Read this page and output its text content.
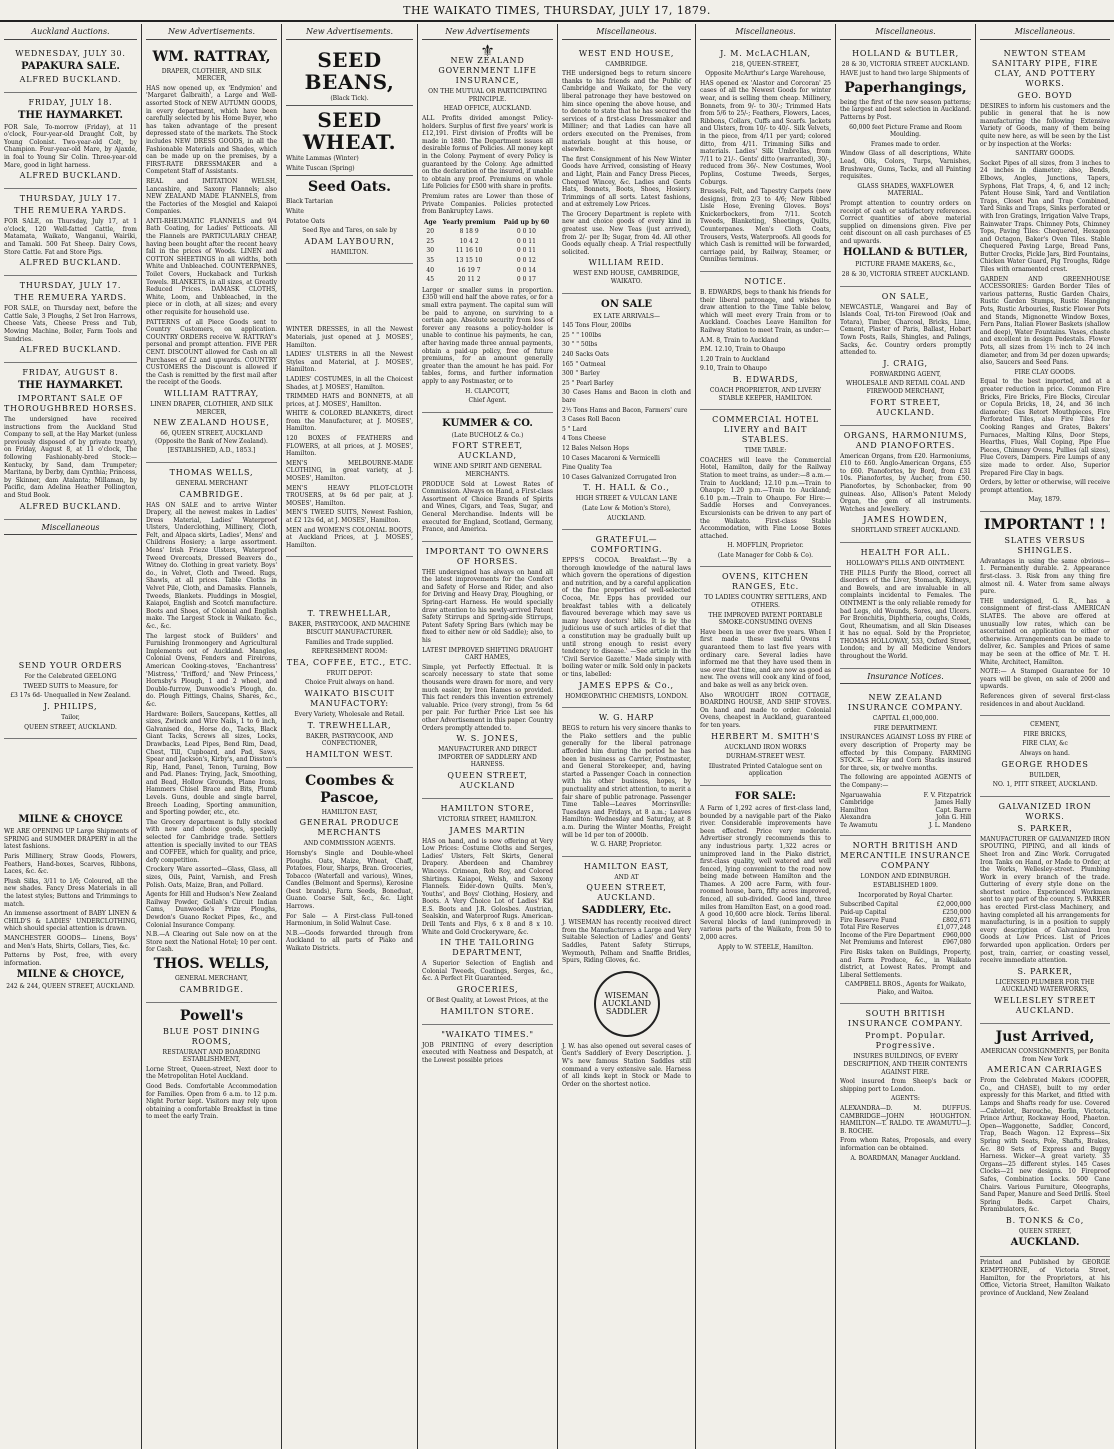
THE WAIKATO TIMES, THURSDAY, JULY 17, 1879.
Auckland Auctions.
WEDNESDAY, JULY 30.
PAPAKURA SALE.
ALFRED BUCKLAND.
FRIDAY, JULY 18.
THE HAYMARKET.
FOR Sale, To-morrow (Friday), at 11 o'clock, Four-year-old Draught Colt, by Young Colonist. Two-year-old Colt, by Champion. Four-year-old Mare, by Ajaxde, in foal to Young Sir Colin. Three-year-old Mare, good in light harness.
ALFRED BUCKLAND.
THURSDAY, JULY 17.
THE REMUERA YARDS.
FOR SALE, on Thursday, July 17, at 1 o'clock, 120 Well-fatted Cattle, from Matamata, Waikato, Wanganui, Wairiki, and Tamaki. 500 Fat Sheep. Dairy Cows, Store Cattle. Fat and Store Pigs.
ALFRED BUCKLAND.
THURSDAY, JULY 17.
THE REMUERA YARDS.
FOR SALE, on Thursday next, before the Cattle Sale, 3 Ploughs, 2 Set Iron Harrows, Cheese Vats, Cheese Press and Tub, Mowing Machine, Boiler, Farm Tools and Sundries.
ALFRED BUCKLAND.
FRIDAY, AUGUST 8.
THE HAYMARKET.
IMPORTANT SALE OF THOROUGHBRED HORSES.
The undersigned have received instructions from the Auckland Stud Company to sell, at the Hay Market (unless previously disposed of by private treaty), on Friday, August 8, at 11 o'clock, The following Fashionably-bred Stock:— Kentucky, by Sand, dam Trumpeter; Maritana, by Derby, dam Cynthia; Princess, by Skinner, dam Atalanta; Millaman, by Pacific, dam Adelina Heather Pollington, and Stud Book.
ALFRED BUCKLAND.
Miscellaneous
SEND YOUR ORDERS
For the Celebrated GEELONG
TWEED SUITS to Measure, for
£3 17s 6d- Unequalled in New Zealand.
J. PHILIPS,
Tailor,
QUEEN STREET, AUCKLAND.
MILNE & CHOYCE
WE ARE OPENING UP Large Shipments of SPRING and SUMMER DRAPERY in all the latest fashions.
Paris Millinery, Straw Goods, Flowers, Feathers, Hand-boxes, Scarves, Ribbons, Laces, &c. &c.
Plush Silks, 3/11 to 1/6; Coloured, all the new shades. Fancy Dress Materials in all the latest styles; Buttons and Trimmings to match.
An immense assortment of BABY LINEN & CHILD'S & LADIES' UNDERCLOTHING, which should special attention is drawn.
MANCHESTER GOODS— Linens, Boys' and Men's Hats, Shirts, Collars, Ties, &c.
Patterns by Post, free, with every information.
MILNE & CHOYCE,
242 & 244, QUEEN STREET, AUCKLAND.
New Advertisements.
WM. RATTRAY,
DRAPER, CLOTHIER, AND SILK MERCER,
HAS now opened up, ex 'Endymion' and 'Margaret Galbraith', a Large and Well-assorted Stock of NEW AUTUMN GOODS, in every department, which have been carefully selected by his Home Buyer, who has taken advantage of the present depressed state of the markets. The Stock includes NEW DRESS GOODS, in all the Fashionable Materials and Shades, which can be made up on the premises, by a FIRST-RATE DRESSMAKER and a Competent Staff of Assistants.
REAL and IMITATION WELSH, Lancashire, and Saxony Flannels; also NEW ZEALAND MADE FLANNELS, from the Factories of the Mosgiel and Kaiapoi Companies.
ANTI-RHEUMATIC FLANNELS and 9/4 Bath Coating, for Ladies' Petticoats. All the Flannels are PARTICULARLY CHEAP, having been bought after the recent heavy fall in the prices of Woods. LINEN and COTTON SHEETINGS in all widths, both White and Unbleached. COUNTERPANES, Toilet Covers, Huckaback and Turkish Towels. BLANKETS, in all sizes, at Greatly Reduced Prices. DAMASK CLOTHS, White, Loom, and Unbleached, in the piece or in cloth, at all sizes; and every other requisite for household use.
PATTERNS of all Piece Goods sent to Country Customers, on application. COUNTRY ORDERS receive W. RATTRAY's personal and prompt attention. FIVE PER CENT. DISCOUNT allowed for Cash on all Purchases of £2 and upwards. COUNTRY CUSTOMERS the Discount is allowed if the Cash is remitted by the first mail after the receipt of the Goods.
WILLIAM RATTRAY,
LINEN DRAPER, CLOTHIER, AND SILK MERCER,
NEW ZEALAND HOUSE,
66, QUEEN STREET, AUCKLAND (Opposite the Bank of New Zealand).
[ESTABLISHED, A.D., 1853.]
THOMAS WELLS,
GENERAL MERCHANT
CAMBRIDGE.
HAS ON SALE and to arrive Winter Drapery, all the newest makes in Ladies' Dress Material, Ladies' Waterproof Ulsters, Underclothing, Millinery, Cloth, Felt, and Alpaca skirts, Ladies', Mens' and Childrens Hosiery; a large assortment. Mens' Irish Frieze Ulsters, Waterproof Tweed Overcoats, Dressed Beavers do., Witney do. Clothing in great variety. Boys' do., in Velvet, Cloth and Tweed. Rugs, Shawls, at all prices. Table Cloths in Velvet Pile, Cloth, and Damasks. Flannels, Tweeds, Blankets. Pluddings in Mosgiel, Kaiapoi, English and Scotch manufacture. Boots and Shoes, of Colonial and English make. The Largest Stock in Waikato. &c., &c., &c.
The largest stock of Builders' and Furnishing Ironmongery and Agricultural Implements out of Auckland. Mangles, Colonial Ovens, Fenders and Fireirons, American Cooking-stoves, 'Enchantress' 'Mistress,' 'Trifford,' and 'New Princess,' Hornsby's Plough, 1 and 2 wheel, and Double-furrow, Dunwoodie's Plough, do. do. Plough Fittings, Chains, Shares, &c., &c.
Hardware: Boilers, Saucepans, Kettles, all sizes, Zwinck and Wire Nails, 1 to 6 inch, Galvanised do., Horse do., Tacks, Black Giant Tacks, Screws all sizes, Locks, Drawbacks, Lead Pipes, Bend Rim, Dead, Chest, Till, Cupboard, and Pad, Saws, Spear and Jackson's, Kirby's, and Disston's Rip, Hand, Panel, Tenon, Turning, Bow and Pad. Planes: Trying, Jack, Smoothing, and Bead, Hollow Grounds, Plane Irons, Hammers Chisel Brace and Bits, Plumb Levels. Guns, double and single barrel, Breech Loading, Sporting ammunition, and Sporting powder, etc., etc.
The Grocery department is fully stocked with new and choice goods, specially selected for Cambridge trade. Settlers attention is specially invited to our TEAS and COFFEE, which for quality, and price, defy competition.
Crockery Ware assorted—Glass, Glass, all sizes, Oils, Paint, Varnish, and Fresh Polish. Oats, Maize, Bran, and Pollard.
Agents for Hill and Hudson's New Zealand Railway Powder, Gollah's Circuit Indian Cams, Dunwoodie's Prize Ploughs, Dewdon's Guano Rocket Pipes, &c., and Colonial Insurance Company.
N.B.—A Clearing out Sale now on at the Store next the National Hotel; 10 per cent. for Cash.
THOS. WELLS,
GENERAL MERCHANT,
CAMBRIDGE.
Powell's
BLUE POST DINING ROOMS,
RESTAURANT AND BOARDING ESTABLISHMENT,
Lorne Street, Queen-street, Next door to the Metropolitan Hotel Auckland.
Good Beds. Comfortable Accommodation for Families. Open from 6 a.m. to 12 p.m. Night Porter kept. Visitors may rely upon obtaining a comfortable Breakfast in time to meet the early Train.
New Advertisements.
SEED BEANS,
(Black Tick).
SEED WHEAT.
White Lammas (Winter)
White Tuscan (Spring)
Seed Oats.
Black Tartarian
White
Potatoe Oats
Seed Rye and Tares, on sale by
ADAM LAYBOURN,
HAMILTON.
WINTER DRESSES, in all the Newest Materials, just opened at J. MOSES', Hamilton.
LADIES' ULSTERS in all the Newest Styles and Material, at J. MOSES', Hamilton.
LADIES' COSTUMES, in all the Choicest Shades, at J. MOSES', Hamilton.
TRIMMED HATS and BONNETS, at all prices, at J. MOSES', Hamilton.
WHITE & COLORED BLANKETS, direct from the Manufacturer, at J. MOSES', Hamilton.
120 BOXES of FEATHERS and FLOWERS, at all prices, at J. MOSES', Hamilton.
MEN'S MELBOURNE-MADE CLOTHING, in great variety, at J. MOSES', Hamilton.
MEN'S HEAVY PILOT-CLOTH TROUSERS, at 9s 6d per pair, at J. MOSES', Hamilton.
MEN'S TWEED SUITS, Newest Fashion, at £2 12s 6d, at J. MOSES', Hamilton.
MEN and WOMEN'S COLONIAL BOOTS, at Auckland Prices, at J. MOSES', Hamilton.
T. TREWHELLAR,
BAKER, PASTRYCOOK, AND MACHINE BISCUIT MANUFACTURER.
Families and Trade supplied.
REFRESHMENT ROOM:
TEA, COFFEE, ETC., ETC.
FRUIT DEPOT:
Choice Fruit always on hand.
WAIKATO BISCUIT MANUFACTORY:
Every Variety, Wholesale and Retail.
T. TREWHELLAR,
BAKER, PASTRYCOOK, AND CONFECTIONER,
HAMILTON WEST.
Coombes & Pascoe,
HAMILTON EAST,
GENERAL PRODUCE MERCHANTS
AND COMMISSION AGENTS.
Hornsby's Single and Double-wheel Ploughs. Oats, Maize, Wheat, Chaff, Potatoes, Flour, Sharps, Bran. Groceries, Tobacco (Waterfall and various), Wines, Candles (Belmont and Sperms), Kerosine (best brands), Farm Seeds, Boneduat, Guano. Coarse Salt, &c., &c. Light Harrows.
For Sale — A First-class Full-toned Harmonium, in Solid Walnut Case.
N.B.—Goods forwarded through from Auckland to all parts of Piako and Waikato Districts.
New Advertisements
⚜
NEW ZEALAND GOVERNMENT LIFE INSURANCE,
ON THE MUTUAL OR PARTICIPATING PRINCIPLE.
HEAD OFFICE, AUCKLAND.
ALL Profits divided amongst Policy-holders. Surplus of first five years' work is £12,191. First division of Profits will be made in 1880. The Department issues all desirable forms of Policies. All money kept in the Colony. Payment of every Policy is guaranteed by the Colony. Age admitted on the declaration of the insured, if unable to obtain any proof. Premiums on whole Life Policies for £500 with share in profits.
Premium rates are Lower than those of Private Companies. Policies protected from Bankruptcy Laws.
Age	Yearly premium	Paid up by 60
20	8 18 9	0 0 10
25	10 4 2	0 0 11
30	11 16 10	0 0 11
35	13 15 10	0 0 12
40	16 19 7	0 0 14
45	20 11 2	0 0 17
Larger or smaller sums in proportion. £350 will end half the above rates, or for a small extra payment. The capital sum will be paid to anyone, on surviving to a certain age. Absolute security from loss of forever any reasons a policy-holder is unable to continue his payments, he can, after having made three annual payments, obtain a paid-up policy, free of future premiums, for an amount generally greater than the amount he has paid. For tables, forms, and further information apply to any Postmaster, or to
H. CLAPCOTT,
Chief Agent.
KUMMER & CO.
(Late BUCHOLZ & Co.)
FORT STREET, AUCKLAND,
WINE AND SPIRIT AND GENERAL MERCHANTS.
PRODUCE Sold at Lowest Rates of Commission. Always on Hand, a First-class Assortment of Choice Brands of Spirits and Wines, Cigars, and Teas, Sugar, and General Merchandise. Indents will be executed for England, Scotland, Germany, France, and America.
IMPORTANT TO OWNERS OF HORSES.
THE undersigned has always on hand all the latest improvements for the Comfort and Safety of Horse and Rider, and also for Driving and Heavy Dray, Ploughing, or Spring-cart Harness. He would specially draw attention to his newly-arrived Patent Safety Stirrups and Spring-side Stirrups, Patent Safety Spring Bars (which may be fixed to either new or old Saddle); also, to his
LATEST IMPROVED SHIFTING DRAUGHT CART HAMES,
Simple, yet Perfectly Effectual. It is scarcely necessary to state that some thousands were drawn for more, and very much easier, by Iron Hames so provided. This fact renders this invention extremely valuable. Price (very strong), from 5s 6d per pair. For further Price List see his other Advertisement in this paper. Country Orders promptly attended to.
W. S. JONES,
MANUFACTURER AND DIRECT IMPORTER OF SADDLERY AND HARNESS.
QUEEN STREET, AUCKLAND
HAMILTON STORE,
VICTORIA STREET, HAMILTON.
JAMES MARTIN
HAS on hand, and is now offering at Very Low Prices: Costume Cloths and Serges, Ladies' Ulsters, Felt Skirts, General Drapery. Aberdeen and Chambrey Winceys. Crimean, Rob Roy, and Colored Shirtings. Kaiapoi, Welsh, and Saxony Flannels. Eider-down Quilts. Men's, Youths', and Boys' Clothing, Hosiery, and Boots. A Very Choice Lot of Ladies' Kid E.S. Boots and J.R. Golosbes. Austrian, Sealskin, and Waterproof Rugs. American-Drill Tents and Flys, 6 x 8 and 8 x 10. White and Gold Crockeryware, &c.
IN THE TAILORING DEPARTMENT,
A Superior Selection of English and Colonial Tweeds, Coatings, Serges, &c., &c. A Perfect Fit Guaranteed.
GROCERIES,
Of Best Quality, at Lowest Prices, at the
HAMILTON STORE.
"WAIKATO TIMES."
JOB PRINTING of every description executed with Neatness and Despatch, at the Lowest possible prices
Miscellaneous.
WEST END HOUSE,
CAMBRIDGE.
THE undersigned begs to return sincere thanks to his friends and the Public of Cambridge and Waikato, for the very liberal patronage they have bestowed on him since opening the above house, and to denote to state that he has secured the services of a first-class Dressmaker and Milliner; and that Ladies can have all orders executed on the Premises, from materials bought at this house, or elsewhere.
The first Consignment of his New Winter Goods have Arrived, consisting of Heavy and Light, Plain and Fancy Dress Pieces, Chequed Wincey, &c. Ladies and Gents Hats, Bonnets, Boots, Shoes, Hosiery. Trimmings of all sorts. Latest fashions, and at extremely Low Prices.
The Grocery Department is replete with new and choice goods of every kind in greatest use. New Teas (just arrived), from 2/- per lb; Sugar, from 4d. All other Goods equally cheap. A Trial respectfully solicited.
WILLIAM REID.
WEST END HOUSE, CAMBRIDGE, WAIKATO.
ON SALE
EX LATE ARRIVALS—
145 Tons Flour, 200lbs
25 " " 100lbs
30 " " 50lbs
240 Sacks Oats
165 " Oatmeal
300 " Barley
25 " Pearl Barley
30 Cases Hams and Bacon in cloth and bare
2½ Tons Hams and Bacon, Farmers' cure
3 Cases Roll Bacon
5 " Lard
4 Tons Cheese
12 Bales Nelson Hops
10 Cases Macaroni & Vermicelli
Fine Quality Tea
10 Cases Galvanized Corrugated Iron
T. H. HALL & Co.,
HIGH STREET & VULCAN LANE
(Late Low & Motion's Store),
AUCKLAND.
GRATEFUL—COMFORTING.
EPPS'S COCOA. Breakfast.—'By a thorough knowledge of the natural laws which govern the operations of digestion and nutrition, and by a careful application of the fine properties of well-selected Cocoa, Mr. Epps has provided our breakfast tables with a delicately flavoured beverage which may save us many heavy doctors' bills. It is by the judicious use of such articles of diet that a constitution may be gradually built up until strong enough to resist every tendency to disease.' —See article in the 'Civil Service Gazette.' Made simply with boiling water or milk. Sold only in packets or tins, labelled:
JAMES EPPS & Co.,
HOMŒOPATHIC CHEMISTS, LONDON.
W. G. HARP
BEGS to return his very sincere thanks to the Piako settlers and the public generally for the liberal patronage afforded him during the period he has been in business as Carrier, Postmaster, and General Storekeeper, and, having started a Passenger Coach in connection with his other business, hopes, by punctuality and strict attention, to merit a fair share of public patronage. Passenger Time Table—Leaves Morrinsville: Tuesdays and Fridays, at 8 a.m.; Leaves Hamilton: Wednesday and Saturday, at 8 a.m. During the Winter Months, Freight will be 1d per ton of 2000lb.
W. G. HARP, Proprietor.
HAMILTON EAST,
AND AT
QUEEN STREET, AUCKLAND.
SADDLERY, Etc.
J. WISEMAN has recently received direct from the Manufacturers a Large and Very Suitable Selection of Ladies' and Gents' Saddles, Patent Safety Stirrups, Weymouth, Pelham and Snaffle Bridles, Spurs, Riding Gloves, &c.
WISEMAN AUCKLAND SADDLER
J. W. has also opened out several cases of Gent's Saddlery of Every Description. J. W's new famous Station Saddles still command a very extensive sale. Harness of all kinds kept in Stock or Made to Order on the shortest notice.
Miscellaneous.
J. M. McLACHLAN,
218, QUEEN-STREET,
Opposite McArthur's Large Warehouse,
HAS opened ex 'Alastor and Corcoran' 25 cases of all the Newest Goods for winter wear, and is selling them cheap. Millinery, Bonnets, from 9/- to 30/-; Trimmed Hats from 5/6 to 25/-; Feathers, Flowers, Laces, Ribbons, Collars, Cuffs and Scarfs. Jackets and Ulsters, from 10/- to 40/-. Silk Velvets, in the piece, from 4/11 per yard; colored ditto, from 4/11. Trimming Silks and materials. Ladies' Silk Umbrellas, from 7/11 to 21/-. Gents' ditto (warranted), 30/-, reduced from 36/-. New Costumes, Wool Poplins, Costume Tweeds, Serges, Coburgs.
Brussels, Felt, and Tapestry Carpets (new designs), from 2/3 to 4/6; New Ribbed Lisle Hose, Evening Gloves. Boys' Knickerbockers, from 7/11. Scotch Tweeds, Blanketing, Sheetings, Quilts, Counterpanes. Men's Cloth Coats, Trousers, Vests, Waterproofs. All goods for which Cash is remitted will be forwarded, carriage paid, by Railway, Steamer, or Omnibus terminus.
NOTICE.
B. EDWARDS, begs to thank his friends for their liberal patronage, and wishes to draw attention to the Time Table below, which will meet every Train from or to Auckland. Coaches Leave Hamilton for Railway Station to meet Train, as under:—
A.M. 8, Train to Auckland
P.M. 12.10, Train to Ohaupo
1.20 Train to Auckland
9.10, Train to Ohaupo
B. EDWARDS,
COACH PROPRIETOR, AND LIVERY STABLE KEEPER, HAMILTON.
COMMERCIAL HOTEL LIVERY and BAIT STABLES.
TIME TABLE:
COACHES will leave the Commercial Hotel, Hamilton, daily for the Railway Station to meet trains, as under:—8 a.m.—Train to Auckland; 12.10 p.m.—Train to Ohaupo; 1.20 p.m.—Train to Auckland; 6.10 p.m.—Train to Ohaupo. For Hire:—Saddle Horses and Conveyances. Excursionists can be driven to any part of the Waikato. First-class Stable Accommodation, with Fine Loose Boxes attached.
H. MOFFLIN, Proprietor.
(Late Manager for Cobb & Co).
OVENS, KITCHEN RANGES, Etc.
TO LADIES COUNTRY SETTLERS, AND OTHERS.
THE IMPROVED PATENT PORTABLE SMOKE-CONSUMING OVENS
Have been in use over five years. When I first made these useful Ovens I guaranteed them to last five years with ordinary care. Several ladies have informed me that they have used them in use over that time, and are now as good as new. The ovens will cook any kind of food, and bake as well as any brick oven.
Also WROUGHT IRON COTTAGE, BOARDING HOUSE, AND SHIP STOVES. On hand and made to order. Colonial Ovens, cheapest in Auckland, guaranteed for ten years.
HERBERT M. SMITH'S
AUCKLAND IRON WORKS
DURHAM-STREET WEST.
Illustrated Printed Catalogue sent on application
FOR SALE:
A Farm of 1,292 acres of first-class land, bounded by a navigable part of the Piako river. Considerable improvements have been effected. Price very moderate. Advertiser strongly recommends this to any industrious party. 1,322 acres or unimproved land in the Piako district, first-class quality, well watered and well fenced, lying convenient to the road now being made between Hamilton and the Thames. A 200 acre Farm, with four-roomed house, barn, fifty acres improved, fenced, all sub-divided. Good land, three miles from Hamilton East, on a good road. A good 10,600 acre block. Terms liberal. Several blocks of land (unimproved) in various parts of the Waikato, from 50 to 2,000 acres.
Apply to W. STEELE, Hamilton.
Miscellaneous.
HOLLAND & BUTLER,
28 & 30, VICTORIA STREET AUCKLAND.
HAVE just to hand two large Shipments of
Paperhangings,
being the first of the new season patterns; the largest and best selection in Auckland. Patterns by Post.
60,000 feet Picture Frame and Room Moulding.
Frames made to order.
Window Glass of all descriptions, White Lead, Oils, Colors, Turps, Varnishes, Brushware, Gums, Tacks, and all Painting requisites.
GLASS SHADES, WAXFLOWER MATERIAL.
Prompt attention to country orders on receipt of cash or satisfactory references. Correct quantities of above material supplied on dimensions given. Five per cent discount on all cash purchases of £5 and upwards.
HOLLAND & BUTLER,
PICTURE FRAME MAKERS, &c.,
28 & 30, VICTORIA STREET AUCKLAND.
ON SALE,
NEWCASTLE, Wangarei and Bay of Islands Coal, Tri-ton Firewood (Oak and Totara), Timber, Charcoal, Bricks, Lime, Cement, Plaster of Paris, Ballast, Hobart Town Posts, Rails, Shingles, and Palings, Sacks, &c. Country orders promptly attended to.
J. CRAIG,
FORWARDING AGENT,
WHOLESALE AND RETAIL COAL AND FIREWOOD MERCHANT,
FORT STREET, AUCKLAND.
ORGANS, HARMONIUMS, AND PIANOFORTES.
American Organs, from £20. Harmoniums, £10 to £60. Anglo-American Organs, £55 to £60. Pianofortes, by Bord, from £31 10s. Pianofortes, by Aucher, from £50. Pianofortes, by Schonbacker, from 90 guineas. Also, Allison's Patent Melody Organ, the gem of all instruments. Watches and Jewellery.
JAMES HOWDEN,
SHORTLAND STREET AUCKLAND.
HEALTH FOR ALL.
HOLLOWAY'S PILLS AND OINTMENT.
THE PILLS Purify the Blood, correct all disorders of the Liver, Stomach, Kidneys, and Bowels, and are invaluable in all complaints incidental to Females. The OINTMENT is the only reliable remedy for bad Legs, old Wounds, Sores, and Ulcers. For Bronchitis, Diphtheria, coughs, Colds, Gout, Rheumatism, and all Skin Diseases it has no equal. Sold by the Proprietor, THOMAS HOLLOWAY, 533, Oxford Street, London; and by all Medicine Vendors throughout the World.
Insurance Notices.
NEW ZEALAND INSURANCE COMPANY.
CAPITAL £1,000,000.
FIRE DEPARTMENT.
INSURANCES AGAINST LOSS BY FIRE of every description of Property may be effected by this Company. FARMING STOCK. — Hay and Corn Stacks insured for three, six, or twelve months.
The following are appointed AGENTS of the Company:—
Ngaruawahia	F. V. Fitzpatrick
Cambridge	James Hally
Hamilton	Capt. Barre
Alexandra	John G. Hill
Te Awamutu	J. L. Mandeno
NORTH BRITISH AND MERCANTILE INSURANCE COMPANY
LONDON AND EDINBURGH.
ESTABLISHED 1809.
Incorporated by Royal Charter.
Subscribed Capital	£2,000,000
Paid-up Capital	£250,000
Fire Reserve Fund	£802,671
Total Fire Reserves	£1,077,248
Income of the Fire Department £960,000
Net Premiums and Interest	£967,080
Fire Risks taken on Buildings, Property, and Farm Produce, &c., in Waikato district, at Lowest Rates. Prompt and Liberal Settlements.
CAMPBELL BROS., Agents for Waikato, Piako, and Waitoa.
SOUTH BRITISH INSURANCE COMPANY.
Prompt. Popular. Progressive.
INSURES BUILDINGS, OF EVERY DESCRIPTION, AND THEIR CONTENTS AGAINST FIRE.
Wool insured from Sheep's back or shipping port to London.
AGENTS:
ALEXANDRA—D. M. DUFFUS. CAMBRIDGE—JOHN HOUGHTON. HAMILTON—T. RALDO. TE AWAMUTU—J. B. ROCHE.
From whom Rates, Proposals, and every information can be obtained.
A. BOARDMAN, Manager Auckland.
Miscellaneous.
NEWTON STEAM SANITARY PIPE, FIRE CLAY, AND POTTERY WORKS.
GEO. BOYD
DESIRES to inform his customers and the public in general that he is now manufacturing the following Extensive Variety of Goods, many of them being quite new here, as will be seen by the List or by inspection at the Works:
SANITARY GOODS.
Socket Pipes of all sizes, from 3 inches to 24 inches in diameter; also, Bends, Elbows, Angles, Junctions, Tapers, Syphons, Flat Traps, 4, 6, and 12 inch; Patent House Sink, Yard and Ventilation Traps, Closet Pan and Trap Combined, Yard Sinks and Traps, Sinks perforated or with Iron Gratings, Irrigation Valve Traps, Rainwater Traps. Chimney Pots, Chimney Tops, Paving Tiles: Chequered, Hexagon and Octagon, Baker's Oven Tiles. Stable Chequered Paving Large, Bread Pans, Butter Crocks, Pickle Jars, Bird Fountains, Chicken Water Guard, Pig Troughs, Ridge Tiles with ornamented crest.
GARDEN AND GREENHOUSE ACCESSORIES: Garden Border Tiles of various patterns, Rustic Garden Chairs, Rustic Garden Stumps, Rustic Hanging Pots, Rustic Arbouries, Rustic Flower Pots and Stands, Mignonette Window Boxes, Fern Pans, Italian Flower Baskets (shallow and deep), Water Fountains. Vases, chaste and excellent in design Pedestals. Flower Pots, all sizes from 1½ inch to 24 inch diameter, and from 3d per dozen upwards; also, Saucers and Seed Pans.
FIRE CLAY GOODS.
Equal to the best imported, and at a greater reduction in price. Common Fire Bricks, Fire Bricks, Fire Blocks, Circular or Copula Bricks, 18, 24, and 36 inch diameter; Gas Retort Mouthpieces, Fire Perforated Tiles, also Fire Tiles for Cooking Ranges and Grates, Bakers' Furnaces, Malting Kilns, Door Steps, Hearths, Flues, Wall Coping, Pipe Flue Pieces, Chimney Ovens, Pullies (all sizes), Flue Covers, Dampers. Fire Lumps of any size made to order. Also, Superior Prepared Fire Clay in bags.
Orders, by letter or otherwise, will receive prompt attention.
May, 1879.
IMPORTANT ! !
SLATES VERSUS SHINGLES.
Advantages in using the same obvious— 1. Permanently durable. 2. Appearance first-class. 3. Risk from any thing fire almost nil. 4. Water from same always pure.
THE undersigned, G. R., has a consignment of first-class AMERICAN SLATES. The above are offered at unusually low rates, which can be ascertained on application to either or otherwise. Arrangements can be made to deliver, &c. Samples and Prices of same may be seen at the office of Mr. T. H. White, Architect, Hamilton.
NOTE:— A Stamped Guarantee for 10 years will be given, on sale of 2000 and upwards.
References given of several first-class residences in and about Auckland.
CEMENT,
FIRE BRICKS,
FIRE CLAY, &c
Always on hand.
GEORGE RHODES
BUILDER,
NO. 1, PITT STREET, AUCKLAND.
GALVANIZED IRON WORKS.
S. PARKER,
MANUFACTURER OF GALVANIZED IRON SPOUTING, PIPING, and all kinds of Sheet Iron and Zinc Work. Corrugated Iron Tanks on Hand, or Made to Order, at the Works, Wellesley-street. Plumbing Work in every branch of the trade. Guttering of every style done on the shortest notice. Experienced Workmen sent to any part of the country. S. PARKER has erected First-class Machinery, and having completed all his arrangements for manufacturing, is in a position to supply every description of Galvanized Iron Goods at Low Prices. List of Prices forwarded upon application. Orders per post, train, carrier, or coasting vessel, receive immediate attention.
S. PARKER,
LICENSED PLUMBER FOR THE AUCKLAND WATERWORKS,
WELLESLEY STREET AUCKLAND.
Just Arrived,
AMERICAN CONSIGNMENTS, per Bonita from New York
AMERICAN CARRIAGES
From the Celebrated Makers (COOPER, Co., and CHASE), built to my order expressly for this Market, and fitted with Lamps and Shafts ready for use. Covered—Cabriolet, Barouche, Berlin, Victoria, Prince Arthur, Rockaway Hood, Phaeton. Open—Waggonette, Saddler, Concord, Trap, Beach Wagon. 12 Express—Six Spring with Seats, Pole, Shafts, Brakes, &c. 80 Sets of Express and Buggy Harness. Wicker—A great variety. 35 Organs—25 different styles. 145 Cases Clocks—21 new designs. 10 Fireproof Safes, Combination Locks. 500 Cane Chairs. Various Furniture, Oleographs, Sand Paper, Manure and Seed Drills. Steel Spring Beds. Carpet Chairs, Perambulators, &c.
B. TONKS & Co,
QUEEN STREET,
AUCKLAND.
Printed and Published by GEORGE KEMPTHORNE, of Victoria Street, Hamilton, for the Proprietors, at his Office, Victoria Street, Hamilton Waikato province of Auckland, New Zealand
